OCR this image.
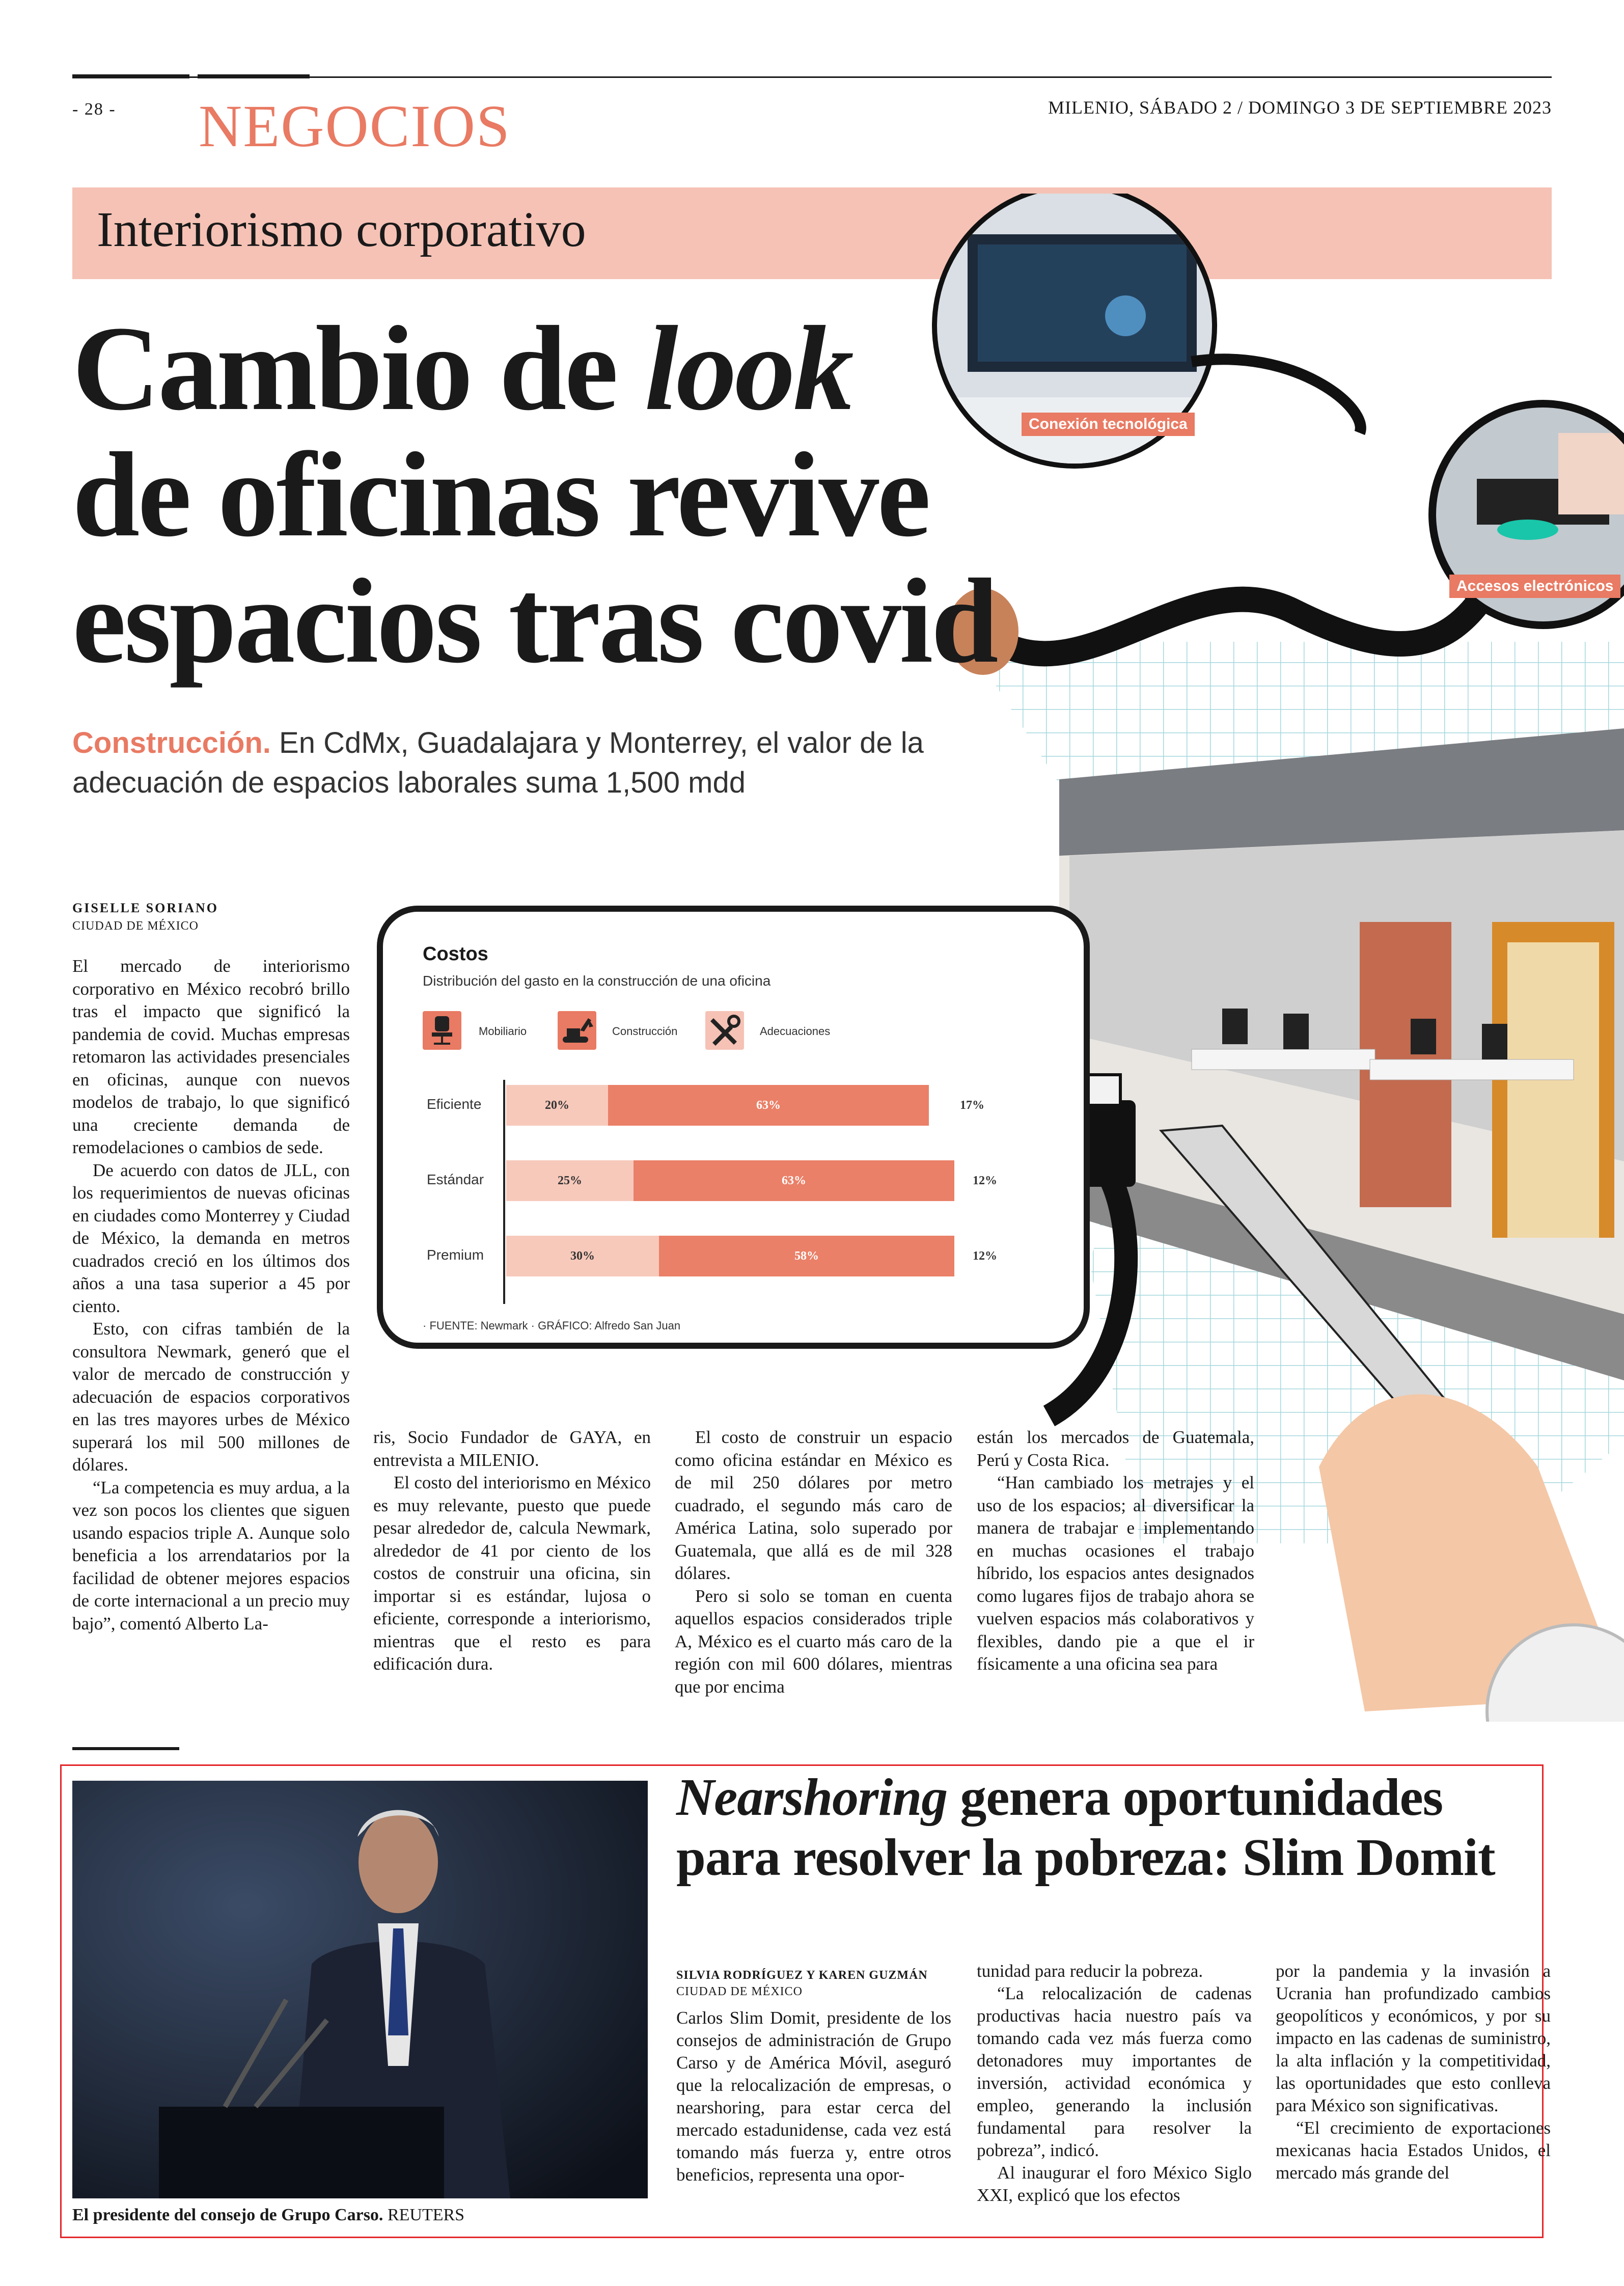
- 28 - NEGOCIOS	MILENIO, SÁBADO 2 / DOMINGO 3 DE SEPTIEMBRE 2023
Interiorismo corporativo
Conexión tecnológica
Accesos electrónicos
Cambio de look
de oficinas revive
espacios tras covid
Construcción. En CdMx, Guadalajara y Monterrey, el valor de la adecuación de espacios laborales suma 1,500 mdd
GISELLE SORIANO
CIUDAD DE MÉXICO

El mercado de interiorismo corporativo en México recobró brillo tras el impacto que significó la pandemia de covid. Muchas empresas retomaron las actividades presenciales en oficinas, aunque con nuevos modelos de trabajo, lo que significó una creciente demanda de remodelaciones o cambios de sede.

De acuerdo con datos de JLL, con los requerimientos de nuevas oficinas en ciudades como Monterrey y Ciudad de México, la demanda en metros cuadrados creció en los últimos dos años a una tasa superior a 45 por ciento.

Esto, con cifras también de la consultora Newmark, generó que el valor de mercado de construcción y adecuación de espacios corporativos en las tres mayores urbes de México superará los mil 500 millones de dólares.

“La competencia es muy ardua, a la vez son pocos los clientes que siguen usando espacios triple A. Aunque solo beneficia a los arrendatarios por la facilidad de obtener mejores espacios de corte internacional a un precio muy bajo”, comentó Alberto La-

ris, Socio Fundador de GAYA, en entrevista a MILENIO.

El costo del interiorismo en México es muy relevante, puesto que puede pesar alrededor de, calcula Newmark, alrededor de 41 por ciento de los costos de construir una oficina, sin importar si es estándar, lujosa o eficiente, corresponde a interiorismo, mientras que el resto es para edificación dura.

El costo de construir un espacio como oficina estándar en México es de mil 250 dólares por metro cuadrado, el segundo más caro de América Latina, solo superado por Guatemala, que allá es de mil 328 dólares.

Pero si solo se toman en cuenta aquellos espacios considerados triple A, México es el cuarto más caro de la región con mil 600 dólares, mientras que por encima

están los mercados de Guatemala, Perú y Costa Rica.

“Han cambiado los metrajes y el uso de los espacios; al diversificar la manera de trabajar e implementando en muchas ocasiones el trabajo híbrido, los espacios antes designados como lugares fijos de trabajo ahora se vuelven espacios más colaborativos y flexibles, dando pie a que el ir físicamente a una oficina sea para

Costos
Distribución del gasto en la construcción de una oficina
Mobiliario	Construcción	Adecuaciones
Eficiente	20%	63%	17%
Estándar	25%	63%	12%
Premium	30%	58%	12%
· FUENTE: Newmark · GRÁFICO: Alfredo San Juan
El presidente del consejo de Grupo Carso. REUTERS
Nearshoring genera oportunidades para resolver la pobreza: Slim Domit
SILVIA RODRÍGUEZ Y KAREN GUZMÁN CIUDAD DE MÉXICO

Carlos Slim Domit, presidente de los consejos de administración de Grupo Carso y de América Móvil, aseguró que la relocalización de empresas, o nearshoring, para estar cerca del mercado estadunidense, cada vez está tomando más fuerza y, entre otros beneficios, representa una opor-

tunidad para reducir la pobreza.

“La relocalización de cadenas productivas hacia nuestro país va tomando cada vez más fuerza como detonadores muy importantes de inversión, actividad económica y empleo, generando la inclusión fundamental para resolver la pobreza”, indicó.

Al inaugurar el foro México Siglo XXI, explicó que los efectos

por la pandemia y la invasión a Ucrania han profundizado cambios geopolíticos y económicos, y por su impacto en las cadenas de suministro, la alta inflación y la competitividad, las oportunidades que esto conlleva para México son significativas.

“El crecimiento de exportaciones mexicanas hacia Estados Unidos, el mercado más grande del
